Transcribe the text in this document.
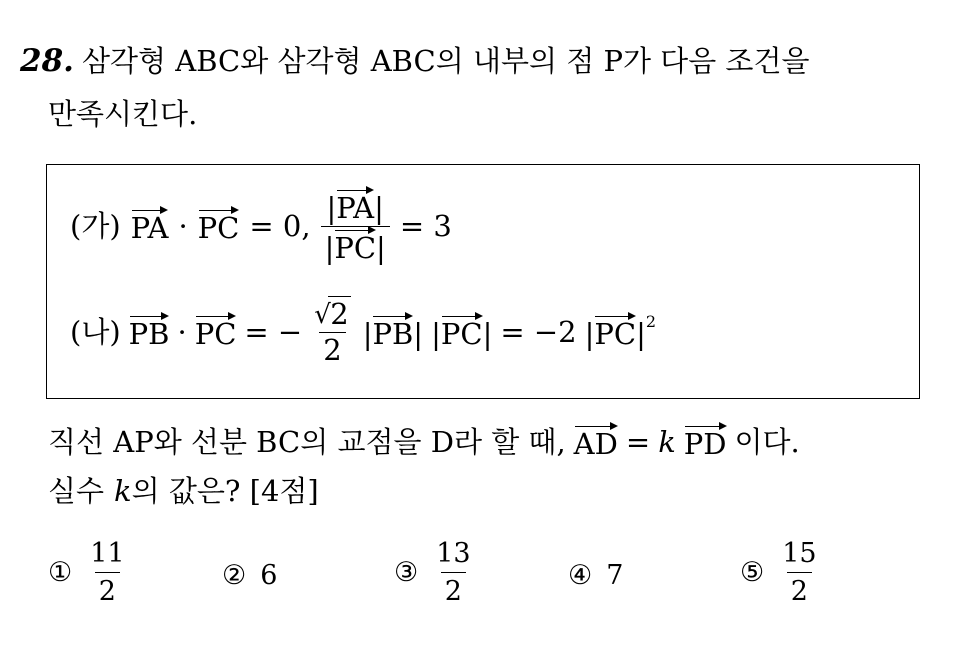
28. 삼각형 ABC와 삼각형 ABC의 내부의 점 P가 다음 조건을
만족시킨다.
(가) PA · PC = 0, $\frac{|PA|}{|PC|} = 3$
(나) PB · PC = − $\frac{√ 2}{2} |PB|$ |PC| = −2 $|PC|^2$
직선 AP와 선분 BC의 교점을 D라 할 때, AD = k PD 이다.
실수 k의 값은? [4점]
① $\frac{11}{2}$	② 6	③ $\frac{13}{2}$	④ 7	⑤ $\frac{15}{2}$
